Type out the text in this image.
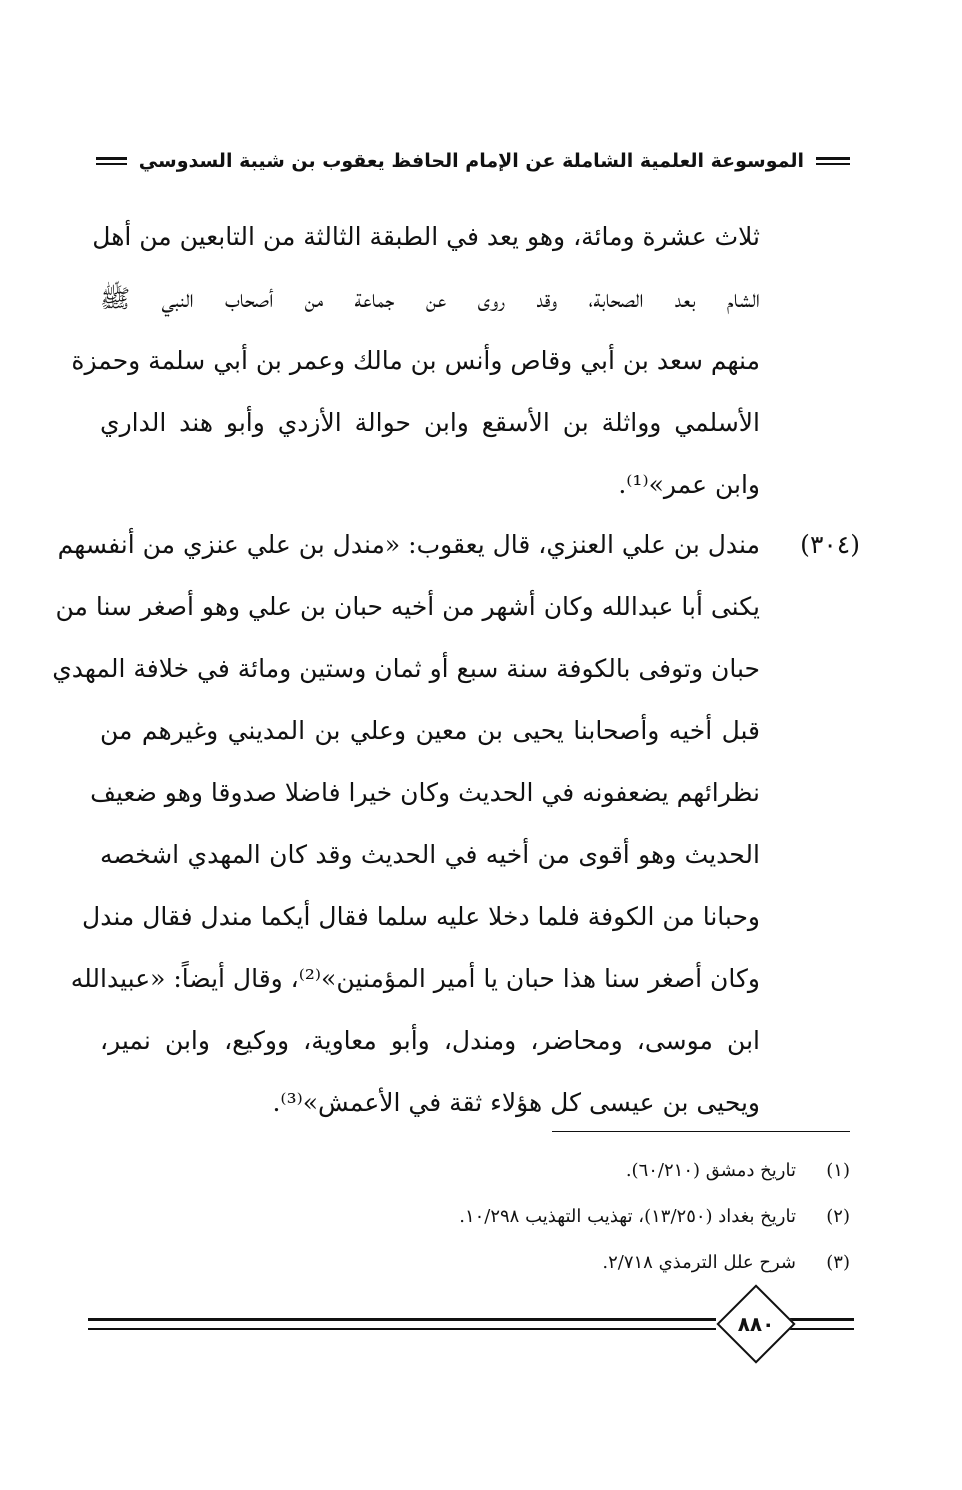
الموسوعة العلمية الشاملة عن الإمام الحافظ يعقوب بن شيبة السدوسي
ثلاث عشرة ومائة، وهو يعد في الطبقة الثالثة من التابعين من أهل
الشام بعد الصحابة، وقد روى عن جماعة من أصحاب النبي ﷺ
منهم سعد بن أبي وقاص وأنس بن مالك وعمر بن أبي سلمة وحمزة
الأسلمي وواثلة بن الأسقع وابن حوالة الأزدي وأبو هند الداري
وابن عمر»⁽¹⁾.
(٣٠٤)
مندل بن علي العنزي، قال يعقوب: «مندل بن علي عنزي من أنفسهم
يكنى أبا عبدالله وكان أشهر من أخيه حبان بن علي وهو أصغر سنا من
حبان وتوفى بالكوفة سنة سبع أو ثمان وستين ومائة في خلافة المهدي
قبل أخيه وأصحابنا يحيى بن معين وعلي بن المديني وغيرهم من
نظرائهم يضعفونه في الحديث وكان خيرا فاضلا صدوقا وهو ضعيف
الحديث وهو أقوى من أخيه في الحديث وقد كان المهدي اشخصه
وحبانا من الكوفة فلما دخلا عليه سلما فقال أيكما مندل فقال مندل
وكان أصغر سنا هذا حبان يا أمير المؤمنين»⁽²⁾، وقال أيضاً: «عبيدالله
ابن موسى، ومحاضر، ومندل، وأبو معاوية، ووكيع، وابن نمير،
ويحيى بن عيسى كل هؤلاء ثقة في الأعمش»⁽³⁾.
(١)
تاريخ دمشق (٦٠/٢١٠).
(٢)
تاريخ بغداد (١٣/٢٥٠)، تهذيب التهذيب ١٠/٢٩٨.
(٣)
شرح علل الترمذي ٢/٧١٨.
٨٨٠
